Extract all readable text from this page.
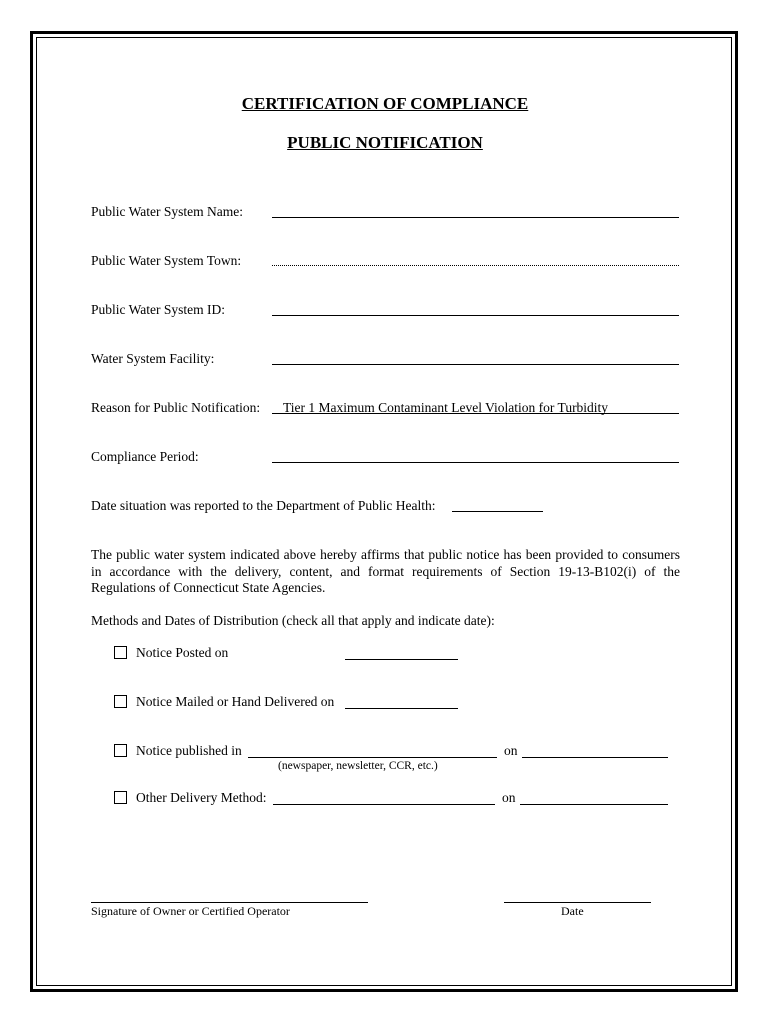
CERTIFICATION OF COMPLIANCE
PUBLIC NOTIFICATION
Public Water System Name:
Public Water System Town:
Public Water System ID:
Water System Facility:
Reason for Public Notification: Tier 1 Maximum Contaminant Level Violation for Turbidity
Compliance Period:
Date situation was reported to the Department of Public Health:
The public water system indicated above hereby affirms that public notice has been provided to consumers in accordance with the delivery, content, and format requirements of Section 19-13-B102(i) of the Regulations of Connecticut State Agencies.
Methods and Dates of Distribution (check all that apply and indicate date):
Notice Posted on
Notice Mailed or Hand Delivered on
Notice published in	on
(newspaper, newsletter, CCR, etc.)
Other Delivery Method:	on
Signature of Owner or Certified Operator	Date
